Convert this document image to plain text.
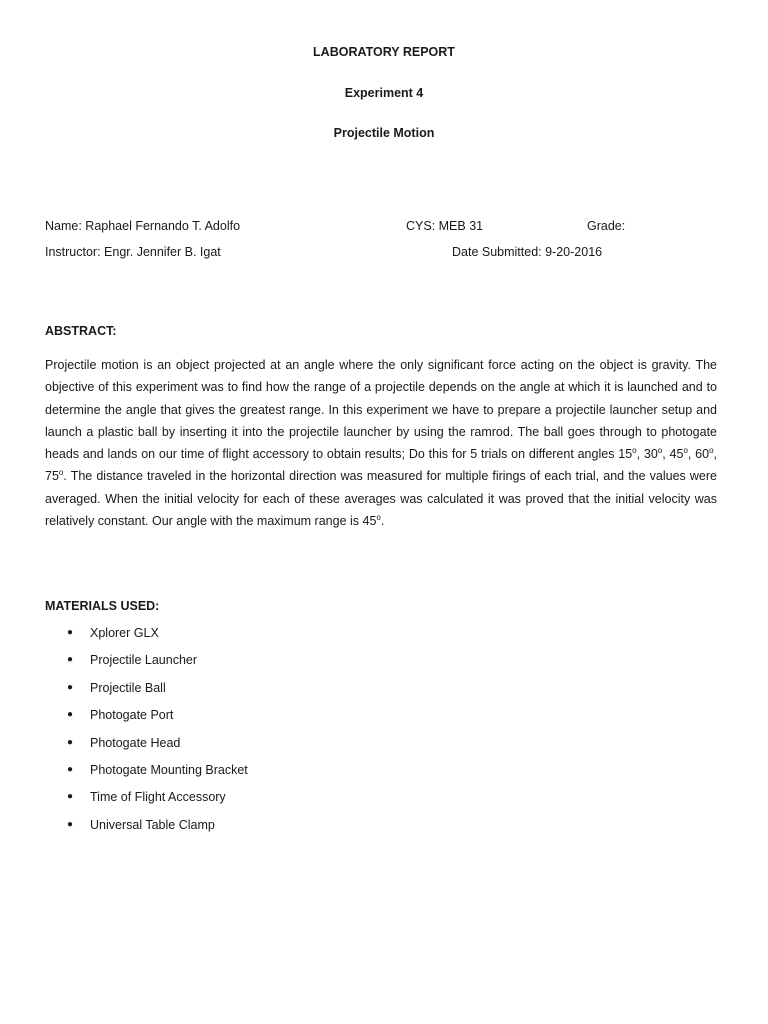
LABORATORY REPORT
Experiment 4
Projectile Motion
Name: Raphael Fernando T. Adolfo	CYS: MEB 31	Grade:
Instructor: Engr. Jennifer B. Igat	Date Submitted: 9-20-2016
ABSTRACT:
Projectile motion is an object projected at an angle where the only significant force acting on the object is gravity. The
objective of this experiment was to find how the range of a projectile depends on the angle at which it is launched and to
determine the angle that gives the greatest range. In this experiment we have to prepare a projectile launcher setup and
launch a plastic ball by inserting it into the projectile launcher by using the ramrod. The ball goes through to photogate
heads and lands on our time of flight accessory to obtain results; Do this for 5 trials on different angles 15$^o$, 30$^o$, 45$^o$, 60$^o$,
75$^o$. The distance traveled in the horizontal direction was measured for multiple firings of each trial, and the values were
averaged. When the initial velocity for each of these averages was calculated it was proved that the initial velocity was
relatively constant. Our angle with the maximum range is 45$^o$.
MATERIALS USED:
● Xplorer GLX
● Projectile Launcher
● Projectile Ball
● Photogate Port
● Photogate Head
● Photogate Mounting Bracket
● Time of Flight Accessory
● Universal Table Clamp
